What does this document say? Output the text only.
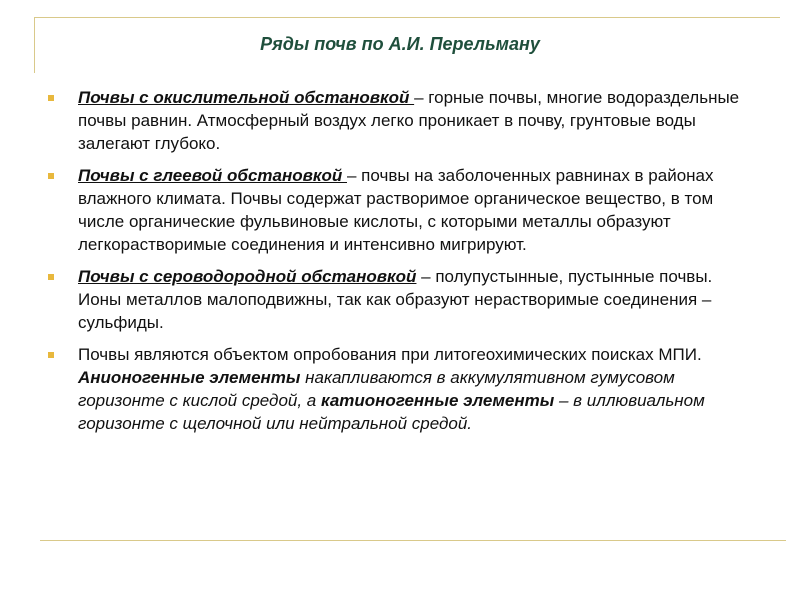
Ряды почв по А.И. Перельману
Почвы с окислительной обстановкой – горные почвы, многие водораздельные почвы равнин. Атмосферный воздух легко проникает в почву, грунтовые воды залегают глубоко.
Почвы с глеевой обстановкой – почвы на заболоченных равнинах в районах влажного климата. Почвы содержат растворимое органическое вещество, в том числе органические фульвиновые кислоты, с которыми металлы образуют легкорастворимые соединения и интенсивно мигрируют.
Почвы с сероводородной обстановкой – полупустынные, пустынные почвы. Ионы металлов малоподвижны, так как образуют нерастворимые соединения – сульфиды.
Почвы являются объектом опробования при литогеохимических поисках МПИ. Анионогенные элементы накапливаются в аккумулятивном гумусовом горизонте с кислой средой, а катионогенные элементы – в иллювиальном горизонте с щелочной или нейтральной средой.
